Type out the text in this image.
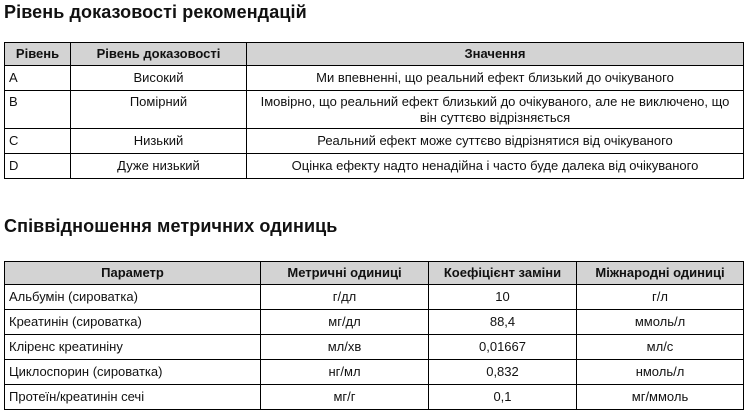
Рівень доказовості рекомендацій
Рівень	Рівень доказовості	Значення
A	Високий	Ми впевненні, що реальний ефект близький до очікуваного
B	Помірний	Імовірно, що реальний ефект близький до очікуваного, але не виключено, що він суттєво відрізняється
C	Низький	Реальний ефект може суттєво відрізнятися від очікуваного
D	Дуже низький	Оцінка ефекту надто ненадійна і часто буде далека від очікуваного
Співвідношення метричних одиниць
Параметр	Метричні одиниці	Коефіцієнт заміни	Міжнародні одиниці
Альбумін (сироватка)	г/дл	10	г/л
Креатинін (сироватка)	мг/дл	88,4	ммоль/л
Кліренс креатиніну	мл/хв	0,01667	мл/с
Циклоспорин (сироватка)	нг/мл	0,832	нмоль/л
Протеїн/креатинін сечі	мг/г	0,1	мг/ммоль
